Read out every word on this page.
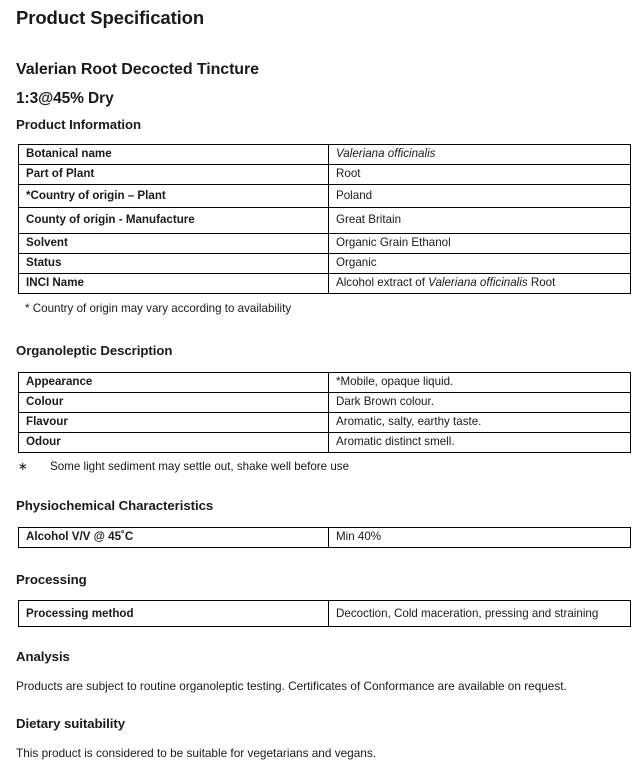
Product Specification
Valerian Root Decocted Tincture
1:3@45% Dry
Product Information
Botanical name	Valeriana officinalis
Part of Plant	Root
*Country of origin – Plant	Poland
County of origin - Manufacture	Great Britain
Solvent	Organic Grain Ethanol
Status	Organic
INCI Name	Alcohol extract of Valeriana officinalis Root

* Country of origin may vary according to availability

Organoleptic Description
Appearance	*Mobile, opaque liquid.
Colour	Dark Brown colour.
Flavour	Aromatic, salty, earthy taste.
Odour	Aromatic distinct smell.

∗ Some light sediment may settle out, shake well before use

Physiochemical Characteristics
Alcohol V/V @ 45˚C	Min 40%
Processing
Processing method	Decoction, Cold maceration, pressing and straining
Analysis

Products are subject to routine organoleptic testing. Certificates of Conformance are available on request.

Dietary suitability

This product is considered to be suitable for vegetarians and vegans.
